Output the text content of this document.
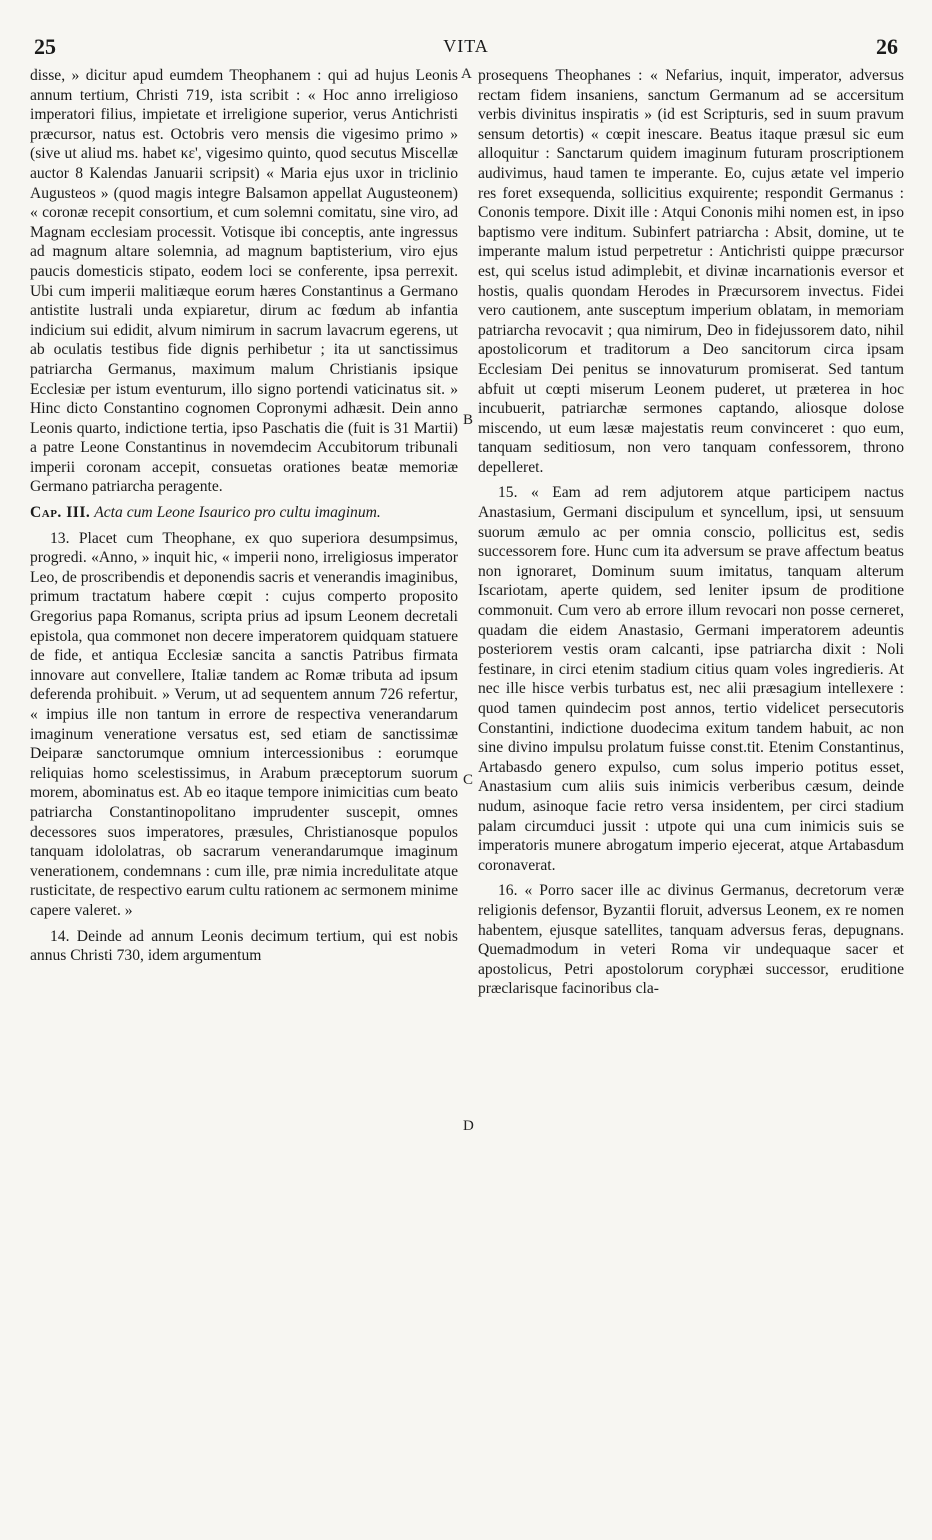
25	VITA	26

disse, » dicitur apud eumdem Theophanem : qui ad hujus Leonis annum tertium, Christi 719, ista scribit : « Hoc anno irreligioso imperatori filius, impietate et irreligione superior, verus Antichristi præcursor, natus est. Octobris vero mensis die vigesimo primo » (sive ut aliud ms. habet κε', vigesimo quinto, quod secutus Miscellæ auctor 8 Kalendas Januarii scripsit) « Maria ejus uxor in triclinio Augusteos » (quod magis integre Balsamon appellat Augusteonem) « coronæ recepit consortium, et cum solemni comitatu, sine viro, ad Magnam ecclesiam processit. Votisque ibi conceptis, ante ingressus ad magnum altare solemnia, ad magnum baptisterium, viro ejus paucis domesticis stipato, eodem loci se conferente, ipsa perrexit. Ubi cum imperii malitiæque eorum hæres Constantinus a Germano antistite lustrali unda expiaretur, dirum ac fœdum ab infantia indicium sui edidit, alvum nimirum in sacrum lavacrum egerens, ut ab oculatis testibus fide dignis perhibetur ; ita ut sanctissimus patriarcha Germanus, maximum malum Christianis ipsique Ecclesiæ per istum eventurum, illo signo portendi vaticinatus sit. » Hinc dicto Constantino cognomen Copronymi adhæsit. Dein anno Leonis quarto, indictione tertia, ipso Paschatis die (fuit is 31 Martii) a patre Leone Constantinus in novemdecim Accubitorum tribunali imperii coronam accepit, consuetas orationes beatæ memoriæ Germano patriarcha peragente.

Cap. III. Acta cum Leone Isaurico pro cultu imaginum.

13. Placet cum Theophane, ex quo superiora desumpsimus, progredi. «Anno, » inquit hic, « imperii nono, irreligiosus imperator Leo, de proscribendis et deponendis sacris et venerandis imaginibus, primum tractatum habere cœpit : cujus comperto proposito Gregorius papa Romanus, scripta prius ad ipsum Leonem decretali epistola, qua commonet non decere imperatorem quidquam statuere de fide, et antiqua Ecclesiæ sancita a sanctis Patribus firmata innovare aut convellere, Italiæ tandem ac Romæ tributa ad ipsum deferenda prohibuit. » Verum, ut ad sequentem annum 726 refertur, « impius ille non tantum in errore de respectiva venerandarum imaginum veneratione versatus est, sed etiam de sanctissimæ Deiparæ sanctorumque omnium intercessionibus : eorumque reliquias homo scelestissimus, in Arabum præceptorum suorum morem, abominatus est. Ab eo itaque tempore inimicitias cum beato patriarcha Constantinopolitano imprudenter suscepit, omnes decessores suos imperatores, præsules, Christianosque populos tanquam idololatras, ob sacrarum venerandarumque imaginum venerationem, condemnans : cum ille, præ nimia incredulitate atque rusticitate, de respectivo earum cultu rationem ac sermonem minime capere valeret. »

14. Deinde ad annum Leonis decimum tertium, qui est nobis annus Christi 730, idem argumentum

A
B
C
D

prosequens Theophanes : « Nefarius, inquit, imperator, adversus rectam fidem insaniens, sanctum Germanum ad se accersitum verbis divinitus inspiratis » (id est Scripturis, sed in suum pravum sensum detortis) « cœpit inescare. Beatus itaque præsul sic eum alloquitur : Sanctarum quidem imaginum futuram proscriptionem audivimus, haud tamen te imperante. Eo, cujus ætate vel imperio res foret exsequenda, sollicitius exquirente; respondit Germanus : Cononis tempore. Dixit ille : Atqui Cononis mihi nomen est, in ipso baptismo vere inditum. Subinfert patriarcha : Absit, domine, ut te imperante malum istud perpetretur : Antichristi quippe præcursor est, qui scelus istud adimplebit, et divinæ incarnationis eversor et hostis, qualis quondam Herodes in Præcursorem invectus. Fidei vero cautionem, ante susceptum imperium oblatam, in memoriam patriarcha revocavit ; qua nimirum, Deo in fidejussorem dato, nihil apostolicorum et traditorum a Deo sancitorum circa ipsam Ecclesiam Dei penitus se innovaturum promiserat. Sed tantum abfuit ut cœpti miserum Leonem puderet, ut præterea in hoc incubuerit, patriarchæ sermones captando, aliosque dolose miscendo, ut eum læsæ majestatis reum convinceret : quo eum, tanquam seditiosum, non vero tanquam confessorem, throno depelleret.

15. « Eam ad rem adjutorem atque participem nactus Anastasium, Germani discipulum et syncellum, ipsi, ut sensuum suorum æmulo ac per omnia conscio, pollicitus est, sedis successorem fore. Hunc cum ita adversum se prave affectum beatus non ignoraret, Dominum suum imitatus, tanquam alterum Iscariotam, aperte quidem, sed leniter ipsum de proditione commonuit. Cum vero ab errore illum revocari non posse cerneret, quadam die eidem Anastasio, Germani imperatorem adeuntis posteriorem vestis oram calcanti, ipse patriarcha dixit : Noli festinare, in circi etenim stadium citius quam voles ingredieris. At nec ille hisce verbis turbatus est, nec alii præsagium intellexere : quod tamen quindecim post annos, tertio videlicet persecutoris Constantini, indictione duodecima exitum tandem habuit, ac non sine divino impulsu prolatum fuisse const.tit. Etenim Constantinus, Artabasdo genero expulso, cum solus imperio potitus esset, Anastasium cum aliis suis inimicis verberibus cæsum, deinde nudum, asinoque facie retro versa insidentem, per circi stadium palam circumduci jussit : utpote qui una cum inimicis suis se imperatoris munere abrogatum imperio ejecerat, atque Artabasdum coronaverat.

16. « Porro sacer ille ac divinus Germanus, decretorum veræ religionis defensor, Byzantii floruit, adversus Leonem, ex re nomen habentem, ejusque satellites, tanquam adversus feras, depugnans. Quemadmodum in veteri Roma vir undequaque sacer et apostolicus, Petri apostolorum coryphæi successor, eruditione præclarisque facinoribus cla-
